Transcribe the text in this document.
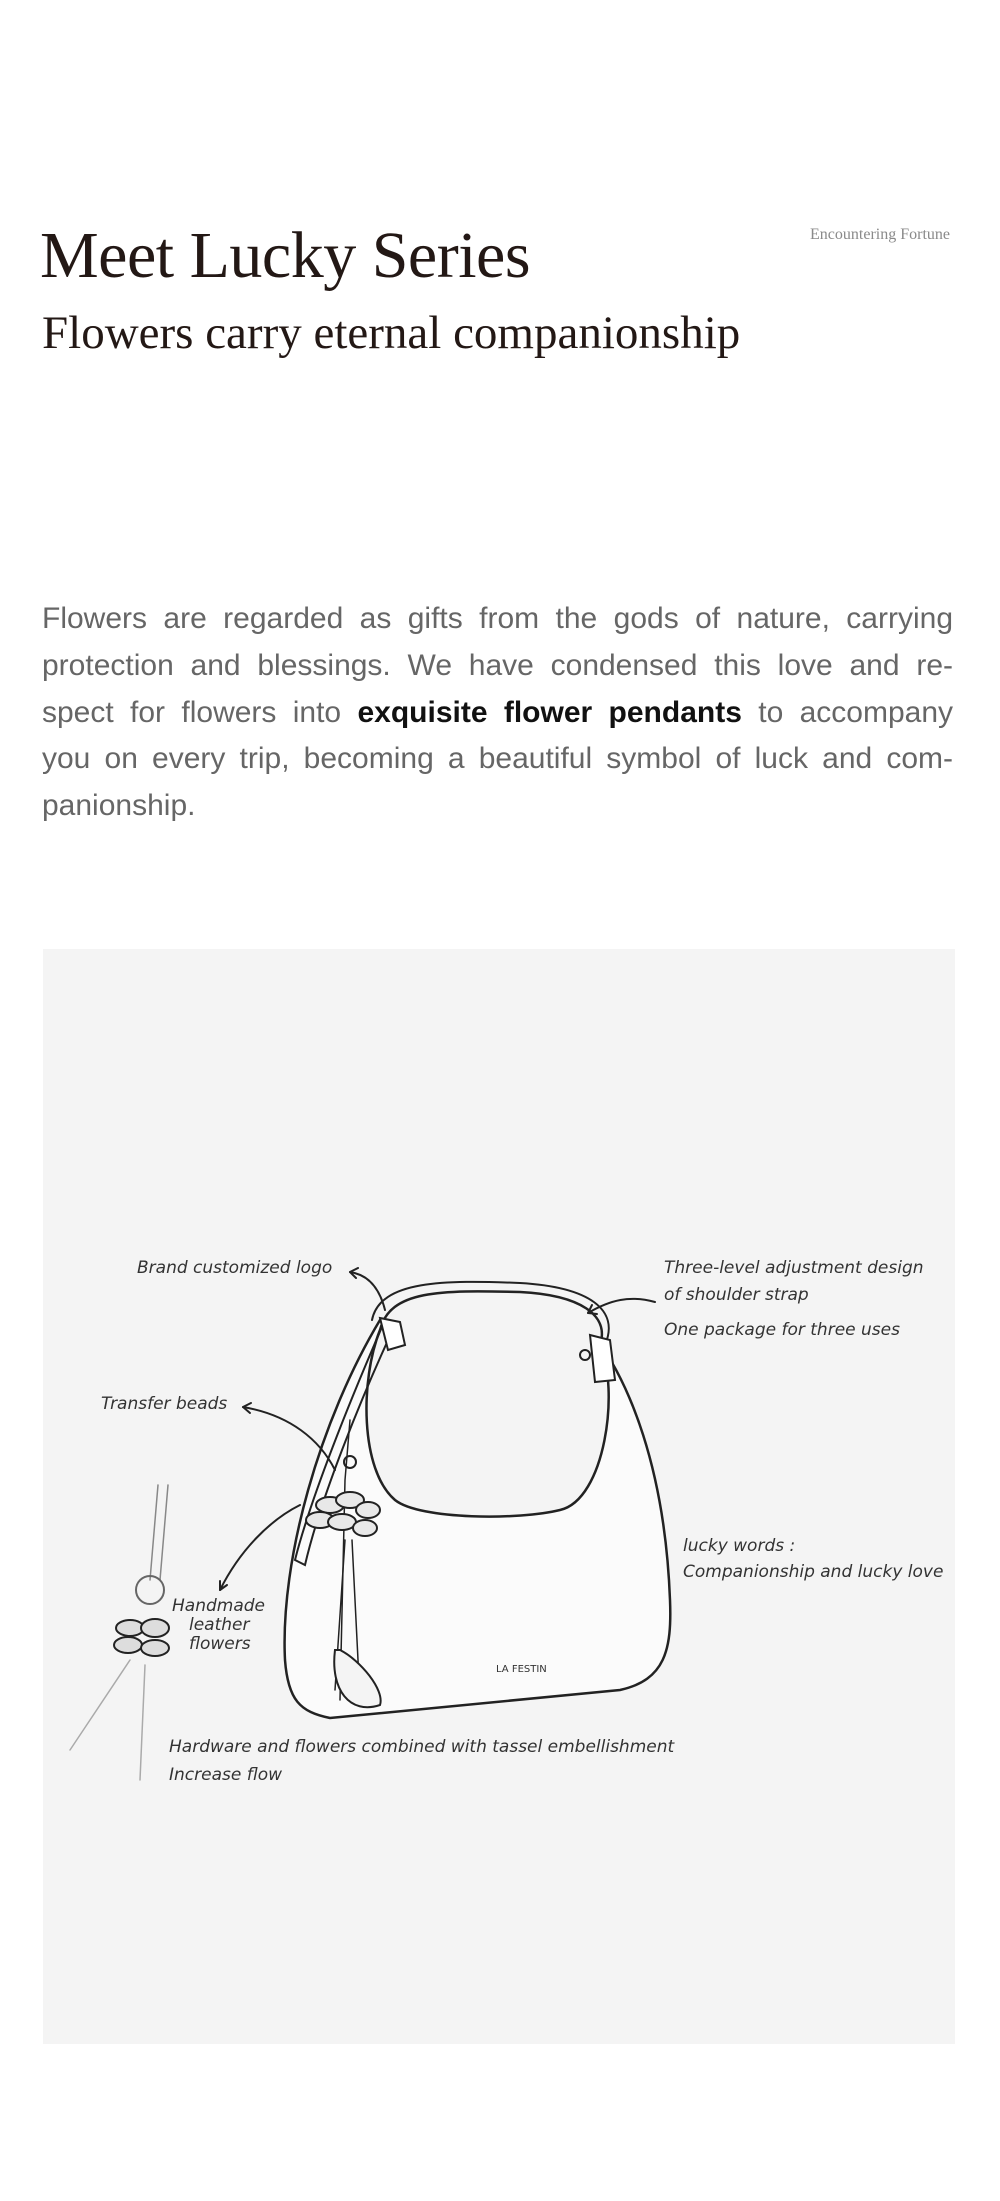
Encountering Fortune
Meet Lucky Series
Flowers carry eternal companionship
Flowers are regarded as gifts from the gods of nature, carrying
protection and blessings. We have condensed this love and re-
spect for flowers into exquisite flower pendants to accompany
you on every trip, becoming a beautiful symbol of luck and com-
panionship.
Brand customized logo	Three-level adjustment design
of shoulder strap
One package for three uses
Transfer beads
lucky words :
Companionship and lucky love
Handmade
leather
flowers
Hardware and flowers combined with tassel embellishment
Increase flow
LA FESTIN
